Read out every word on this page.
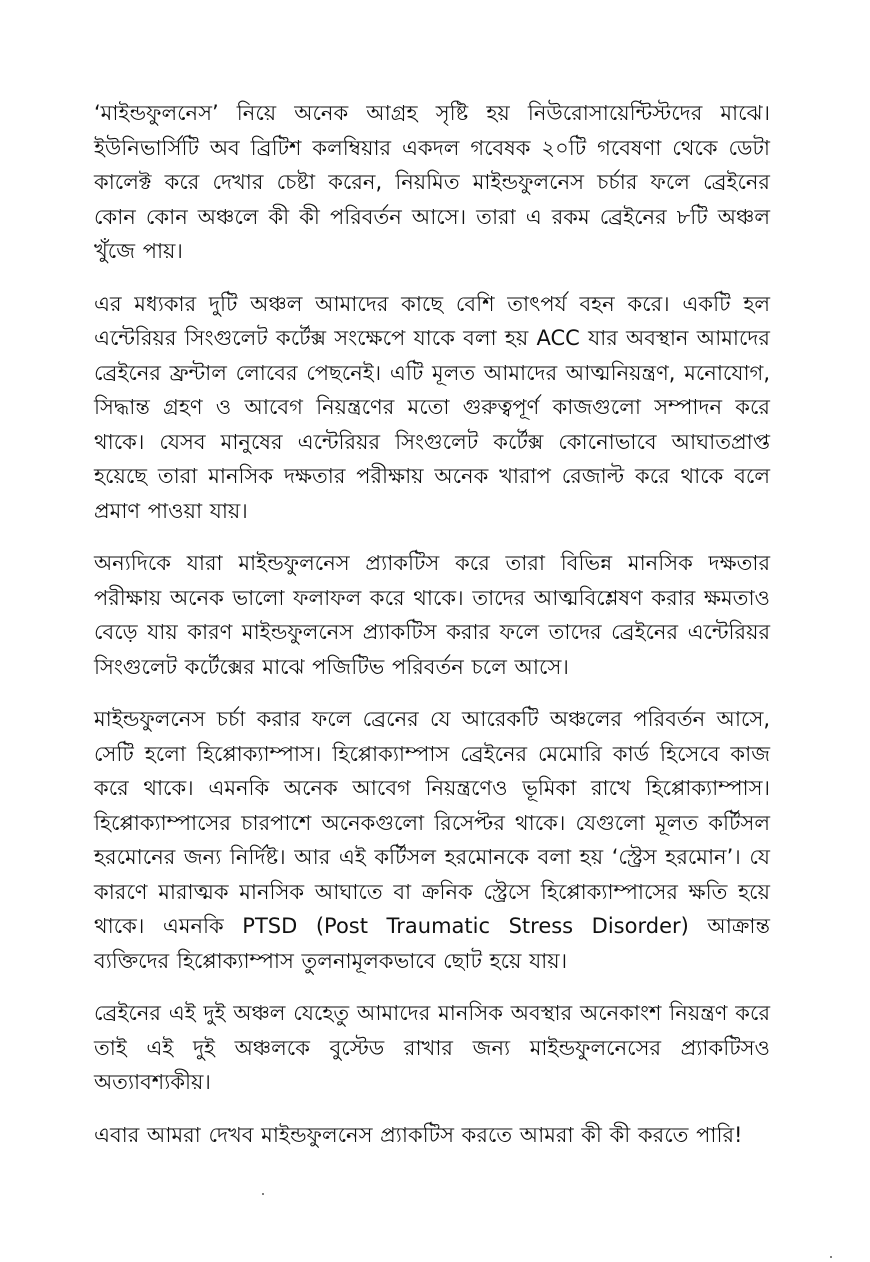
‘মাইন্ডফুলনেস’ নিয়ে অনেক আগ্রহ সৃষ্টি হয় নিউরোসায়েন্টিস্টদের মাঝে। ইউনিভার্সিটি অব ব্রিটিশ কলম্বিয়ার একদল গবেষক ২০টি গবেষণা থেকে ডেটা কালেক্ট করে দেখার চেষ্টা করেন, নিয়মিত মাইন্ডফুলনেস চর্চার ফলে ব্রেইনের কোন কোন অঞ্চলে কী কী পরিবর্তন আসে। তারা এ রকম ব্রেইনের ৮টি অঞ্চল খুঁজে পায়।

এর মধ্যকার দুটি অঞ্চল আমাদের কাছে বেশি তাৎপর্য বহন করে। একটি হল এন্টেরিয়র সিংগুলেট কর্টেক্স সংক্ষেপে যাকে বলা হয় ACC যার অবস্থান আমাদের ব্রেইনের ফ্রন্টাল লোবের পেছনেই। এটি মূলত আমাদের আত্মনিয়ন্ত্রণ, মনোযোগ, সিদ্ধান্ত গ্রহণ ও আবেগ নিয়ন্ত্রণের মতো গুরুত্বপূর্ণ কাজগুলো সম্পাদন করে থাকে। যেসব মানুষের এন্টেরিয়র সিংগুলেট কর্টেক্স কোনোভাবে আঘাতপ্রাপ্ত হয়েছে তারা মানসিক দক্ষতার পরীক্ষায় অনেক খারাপ রেজাল্ট করে থাকে বলে প্রমাণ পাওয়া যায়।

অন্যদিকে যারা মাইন্ডফুলনেস প্র্যাকটিস করে তারা বিভিন্ন মানসিক দক্ষতার পরীক্ষায় অনেক ভালো ফলাফল করে থাকে। তাদের আত্মবিশ্লেষণ করার ক্ষমতাও বেড়ে যায় কারণ মাইন্ডফুলনেস প্র্যাকটিস করার ফলে তাদের ব্রেইনের এন্টেরিয়র সিংগুলেট কর্টেক্সের মাঝে পজিটিভ পরিবর্তন চলে আসে।

মাইন্ডফুলনেস চর্চা করার ফলে ব্রেনের যে আরেকটি অঞ্চলের পরিবর্তন আসে, সেটি হলো হিপ্পোক্যাম্পাস। হিপ্পোক্যাম্পাস ব্রেইনের মেমোরি কার্ড হিসেবে কাজ করে থাকে। এমনকি অনেক আবেগ নিয়ন্ত্রণেও ভূমিকা রাখে হিপ্পোক্যাম্পাস। হিপ্পোক্যাম্পাসের চারপাশে অনেকগুলো রিসেপ্টর থাকে। যেগুলো মূলত কর্টিসল হরমোনের জন্য নির্দিষ্ট। আর এই কর্টিসল হরমোনকে বলা হয় ‘স্ট্রেস হরমোন’। যে কারণে মারাত্মক মানসিক আঘাতে বা ক্রনিক স্ট্রেসে হিপ্পোক্যাম্পাসের ক্ষতি হয়ে থাকে। এমনকি PTSD (Post Traumatic Stress Disorder) আক্রান্ত ব্যক্তিদের হিপ্পোক্যাম্পাস তুলনামূলকভাবে ছোট হয়ে যায়।

ব্রেইনের এই দুই অঞ্চল যেহেতু আমাদের মানসিক অবস্থার অনেকাংশ নিয়ন্ত্রণ করে তাই এই দুই অঞ্চলকে বুস্টেড রাখার জন্য মাইন্ডফুলনেসের প্র্যাকটিসও অত্যাবশ্যকীয়।

এবার আমরা দেখব মাইন্ডফুলনেস প্র্যাকটিস করতে আমরা কী কী করতে পারি!
